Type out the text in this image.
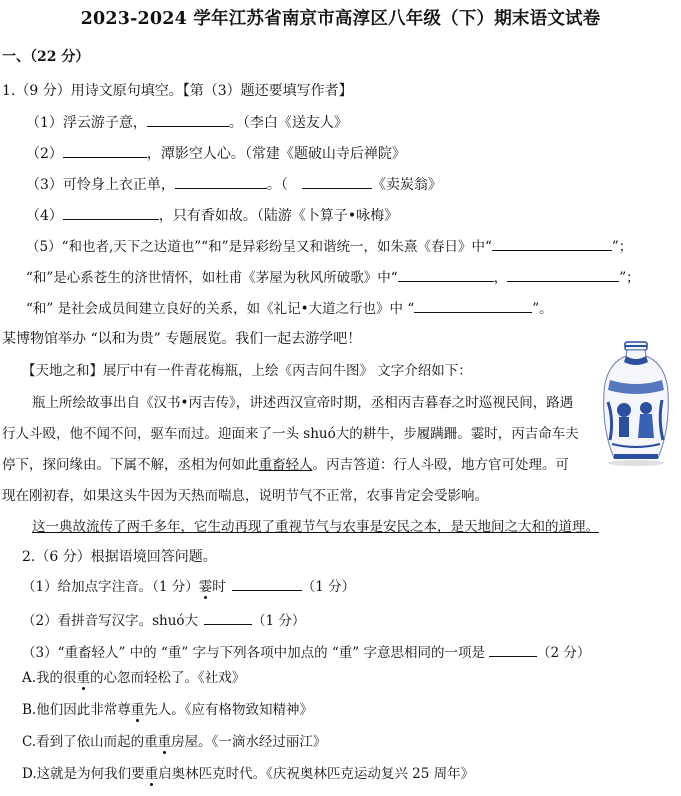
2023-2024 学年江苏省南京市高淳区八年级（下）期末语文试卷
一、（22 分）
1.（9 分）用诗文原句填空。【第（3）题还要填写作者】
（1）浮云游子意，	。（李白《送友人》
（2）	，潭影空人心。（常建《题破山寺后禅院》
（3）可怜身上衣正单，	。（	《卖炭翁》
（4）	，只有香如故。（陆游《卜算子•咏梅》
（5）“和也者,天下之达道也”“和”是异彩纷呈又和谐统一，如朱熹《春日》中“	”；
“和”是心系苍生的济世情怀，如杜甫《茅屋为秋风所破歌》中“	，	”；
“和” 是社会成员间建立良好的关系，如《礼记•大道之行也》中 “	”。
某博物馆举办 “以和为贵” 专题展览。我们一起去游学吧！
【天地之和】展厅中有一件青花梅瓶，上绘《丙吉问牛图》 文字介绍如下：
瓶上所绘故事出自《汉书•丙吉传》，讲述西汉宣帝时期，丞相丙吉暮春之时巡视民间，路遇
行人斗殴，他不闻不问，驱车而过。迎面来了一头 shuó大的耕牛，步履蹒跚。霎时，丙吉命车夫
停下，探问缘由。下属不解，丞相为何如此重畜轻人。丙吉答道：行人斗殴，地方官可处理。可
现在刚初春，如果这头牛因为天热而喘息，说明节气不正常，农事肯定会受影响。
这一典故流传了两千多年，它生动再现了重视节气与农事是安民之本，是天地间之大和的道理。
2.（6 分）根据语境回答问题。
（1）给加点字注音。（1 分）霎时	（1 分）
（2）看拼音写汉字。shuó大	（1 分）
（3）“重畜轻人” 中的 “重” 字与下列各项中加点的 “重” 字意思相同的一项是	（2 分）
A.我的很重的心忽而轻松了。《社戏》
B.他们因此非常尊重先人。《应有格物致知精神》
C.看到了依山而起的重重房屋。《一滴水经过丽江》
D.这就是为何我们要重启奥林匹克时代。《庆祝奥林匹克运动复兴 25 周年》
